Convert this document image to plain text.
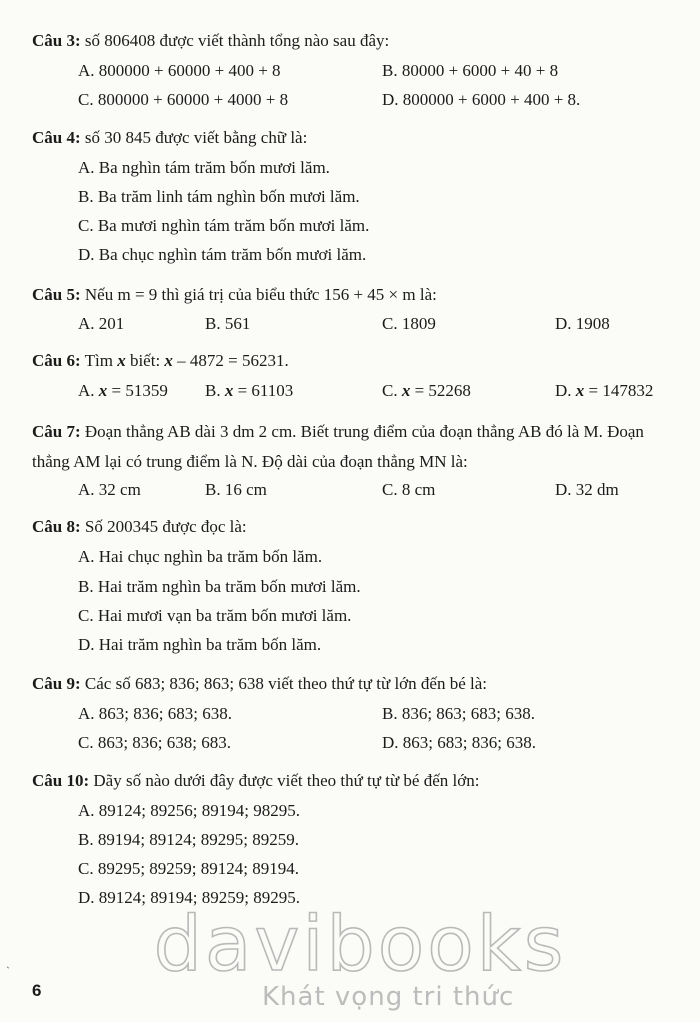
Câu 3: số 806408 được viết thành tổng nào sau đây:
A. 800000 + 60000 + 400 + 8	B. 80000 + 6000 + 40 + 8
C. 800000 + 60000 + 4000 + 8	D. 800000 + 6000 + 400 + 8.
Câu 4: số 30 845 được viết bằng chữ là:
A. Ba nghìn tám trăm bốn mươi lăm.
B. Ba trăm linh tám nghìn bốn mươi lăm.
C. Ba mươi nghìn tám trăm bốn mươi lăm.
D. Ba chục nghìn tám trăm bốn mươi lăm.
Câu 5: Nếu m = 9 thì giá trị của biểu thức 156 + 45 × m là:
A. 201	B. 561	C. 1809	D. 1908
Câu 6: Tìm x biết: x – 4872 = 56231.
A. x = 51359 B. x = 61103	C. x = 52268	D. x = 147832
Câu 7: Đoạn thẳng AB dài 3 dm 2 cm. Biết trung điểm của đoạn thẳng AB đó là M. Đoạn thẳng AM lại có trung điểm là N. Độ dài của đoạn thẳng MN là:
A. 32 cm	B. 16 cm	C. 8 cm	D. 32 dm
Câu 8: Số 200345 được đọc là:
A. Hai chục nghìn ba trăm bốn lăm.
B. Hai trăm nghìn ba trăm bốn mươi lăm.
C. Hai mươi vạn ba trăm bốn mươi lăm.
D. Hai trăm nghìn ba trăm bốn lăm.
Câu 9: Các số 683; 836; 863; 638 viết theo thứ tự từ lớn đến bé là:
A. 863; 836; 683; 638.	B. 836; 863; 683; 638.
C. 863; 836; 638; 683.	D. 863; 683; 836; 638.
Câu 10: Dãy số nào dưới đây được viết theo thứ tự từ bé đến lớn:
A. 89124; 89256; 89194; 98295.
B. 89194; 89124; 89295; 89259.
C. 89295; 89259; 89124; 89194.
D. 89124; 89194; 89259; 89295.
davibooks
Khát vọng tri thức
`
6
